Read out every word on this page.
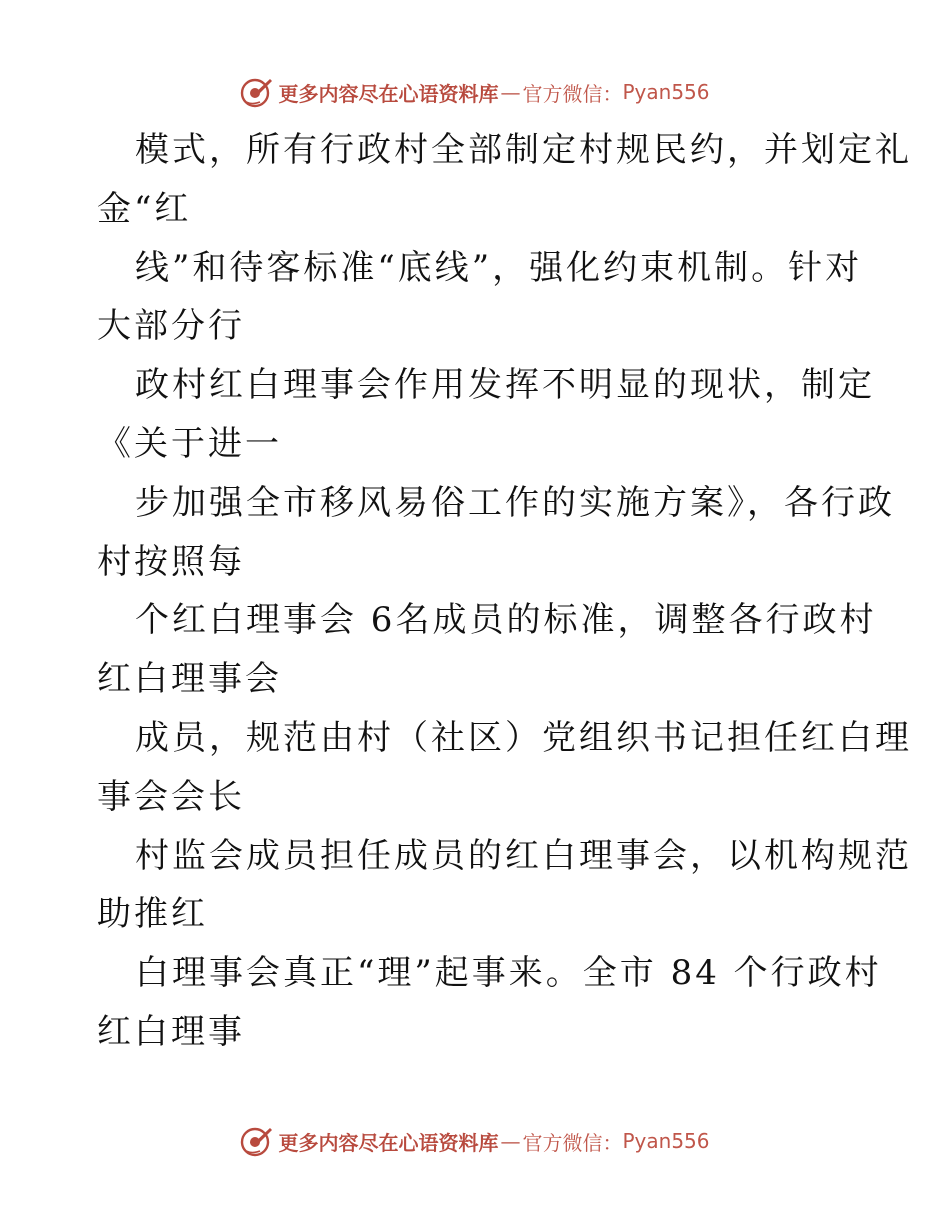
更多内容尽在心语资料库 — 官方微信： Pyan556
模式，所有行政村全部制定村规民约，并划定礼
金“红
线”和待客标准“底线”，强化约束机制。针对
大部分行
政村红白理事会作用发挥不明显的现状，制定
《关于进一
步加强全市移风易俗工作的实施方案》，各行政
村按照每
个红白理事会 6名成员的标准，调整各行政村
红白理事会
成员，规范由村（社区）党组织书记担任红白理
事会会长
村监会成员担任成员的红白理事会，以机构规范
助推红
白理事会真正“理”起事来。全市 84 个行政村
红白理事
更多内容尽在心语资料库 — 官方微信： Pyan556
